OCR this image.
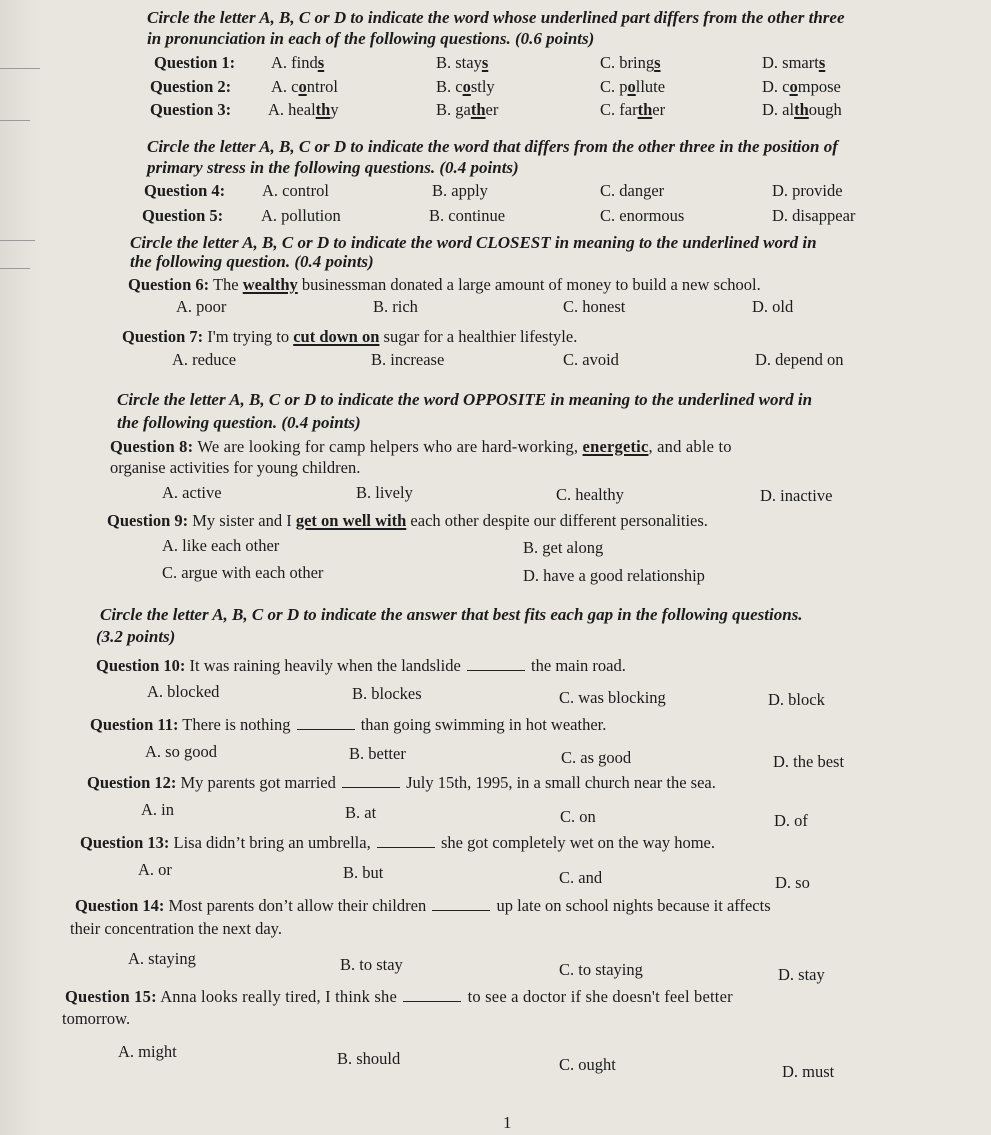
Circle the letter A, B, C or D to indicate the word whose underlined part differs from the other three
in pronunciation in each of the following questions. (0.6 points)
Question 1: A. finds	B. stays	C. brings	D. smarts
Question 2: A. control	B. costly	C. pollute	D. compose
Question 3: A. healthy	B. gather	C. farther	D. although
Circle the letter A, B, C or D to indicate the word that differs from the other three in the position of
primary stress in the following questions. (0.4 points)
Question 4: A. control	B. apply	C. danger	D. provide
Question 5: A. pollution	B. continue	C. enormous	D. disappear
Circle the letter A, B, C or D to indicate the word CLOSEST in meaning to the underlined word in
the following question. (0.4 points)
Question 6: The wealthy businessman donated a large amount of money to build a new school.
A. poor	B. rich	C. honest	D. old
Question 7: I'm trying to cut down on sugar for a healthier lifestyle.
A. reduce	B. increase	C. avoid	D. depend on
Circle the letter A, B, C or D to indicate the word OPPOSITE in meaning to the underlined word in
the following question. (0.4 points)
Question 8: We are looking for camp helpers who are hard-working, energetic, and able to
organise activities for young children.
A. active	B. lively	C. healthy	D. inactive
Question 9: My sister and I get on well with each other despite our different personalities.
A. like each other	B. get along
C. argue with each other	D. have a good relationship
Circle the letter A, B, C or D to indicate the answer that best fits each gap in the following questions.
(3.2 points)
Question 10: It was raining heavily when the landslide	the main road.
A. blocked	B. blockes	C. was blocking	D. block
Question 11: There is nothing	than going swimming in hot weather.
A. so good	B. better	C. as good	D. the best
Question 12: My parents got married	July 15th, 1995, in a small church near the sea.
A. in	B. at	C. on	D. of
Question 13: Lisa didn’t bring an umbrella,	she got completely wet on the way home.
A. or	B. but	C. and	D. so
Question 14: Most parents don’t allow their children	up late on school nights because it affects
their concentration the next day.
A. staying	B. to stay	C. to staying	D. stay
Question 15: Anna looks really tired, I think she	to see a doctor if she doesn't feel better
tomorrow.
A. might	B. should	C. ought	D. must
1
